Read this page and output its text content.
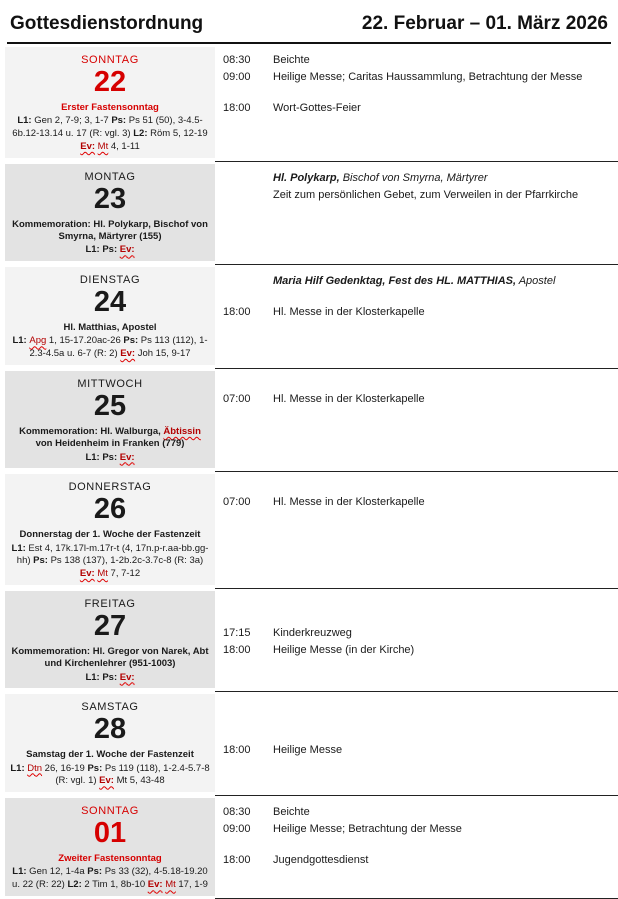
Gottesdienstordnung	22. Februar – 01. März 2026
SONNTAG
22
Erster Fastensonntag
L1: Gen 2, 7-9; 3, 1-7 Ps: Ps 51 (50), 3-4.5-6b.12-13.14 u. 17 (R: vgl. 3) L2: Röm 5, 12-19 Ev: Mt 4, 1-11
08:30	Beichte
09:00	Heilige Messe; Caritas Haussammlung, Betrachtung der Messe
18:00	Wort-Gottes-Feier
MONTAG
23
Kommemoration: Hl. Polykarp, Bischof von Smyrna, Märtyrer (155)
L1: Ps: Ev:
Hl. Polykarp, Bischof von Smyrna, Märtyrer
Zeit zum persönlichen Gebet, zum Verweilen in der Pfarrkirche
DIENSTAG
24
Hl. Matthias, Apostel
L1: Apg 1, 15-17.20ac-26 Ps: Ps 113 (112), 1-2.3-4.5a u. 6-7 (R: 2) Ev: Joh 15, 9-17
Maria Hilf Gedenktag, Fest des HL. MATTHIAS, Apostel
18:00	Hl. Messe in der Klosterkapelle
MITTWOCH
25
Kommemoration: Hl. Walburga, Äbtissin von Heidenheim in Franken (779)
L1: Ps: Ev:
07:00	Hl. Messe in der Klosterkapelle
DONNERSTAG
26
Donnerstag der 1. Woche der Fastenzeit
L1: Est 4, 17k.17l-m.17r-t (4, 17n.p-r.aa-bb.gg-hh) Ps: Ps 138 (137), 1-2b.2c-3.7c-8 (R: 3a) Ev: Mt 7, 7-12
07:00	Hl. Messe in der Klosterkapelle
FREITAG
27
Kommemoration: Hl. Gregor von Narek, Abt und Kirchenlehrer (951-1003)
L1: Ps: Ev:
17:15	Kinderkreuzweg
18:00	Heilige Messe (in der Kirche)
SAMSTAG
28
Samstag der 1. Woche der Fastenzeit
L1: Dtn 26, 16-19 Ps: Ps 119 (118), 1-2.4-5.7-8 (R: vgl. 1) Ev: Mt 5, 43-48
18:00	Heilige Messe
SONNTAG
01
Zweiter Fastensonntag
L1: Gen 12, 1-4a Ps: Ps 33 (32), 4-5.18-19.20 u. 22 (R: 22) L2: 2 Tim 1, 8b-10 Ev: Mt 17, 1-9
08:30	Beichte
09:00	Heilige Messe; Betrachtung der Messe
18:00	Jugendgottesdienst
